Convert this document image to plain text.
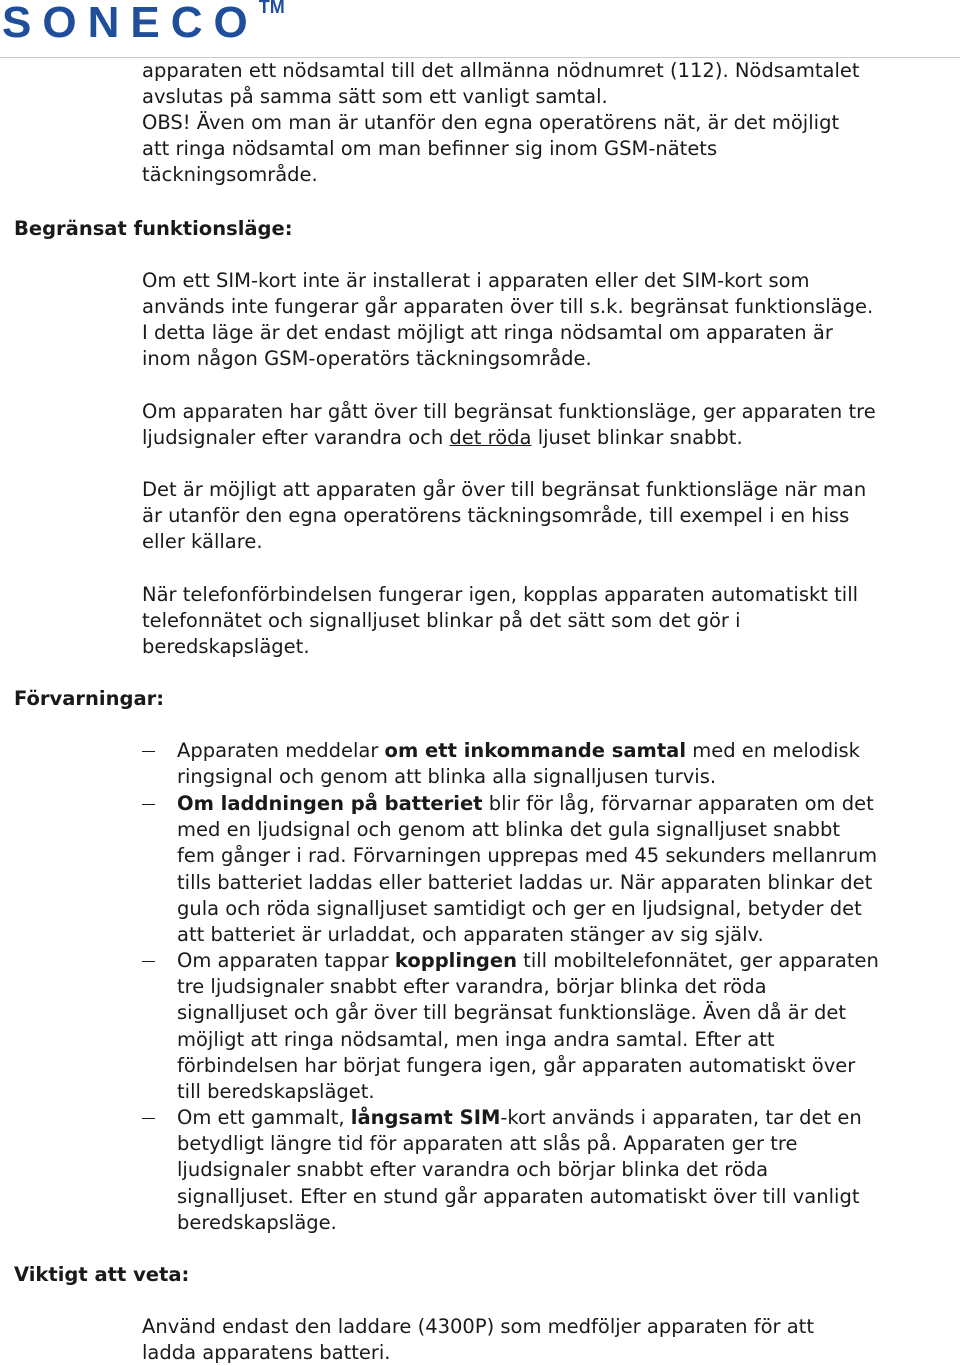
SONECO™
apparaten ett nödsamtal till det allmänna nödnumret (112). Nödsamtalet
avslutas på samma sätt som ett vanligt samtal.
OBS! Även om man är utanför den egna operatörens nät, är det möjligt
att ringa nödsamtal om man befinner sig inom GSM-nätets
täckningsområde.
Begränsat funktionsläge:
Om ett SIM-kort inte är installerat i apparaten eller det SIM-kort som
används inte fungerar går apparaten över till s.k. begränsat funktionsläge.
I detta läge är det endast möjligt att ringa nödsamtal om apparaten är
inom någon GSM-operatörs täckningsområde.
Om apparaten har gått över till begränsat funktionsläge, ger apparaten tre
ljudsignaler efter varandra och det röda ljuset blinkar snabbt.
Det är möjligt att apparaten går över till begränsat funktionsläge när man
är utanför den egna operatörens täckningsområde, till exempel i en hiss
eller källare.
När telefonförbindelsen fungerar igen, kopplas apparaten automatiskt till
telefonnätet och signalljuset blinkar på det sätt som det gör i
beredskapsläget.
Förvarningar:
Apparaten meddelar om ett inkommande samtal med en melodisk
ringsignal och genom att blinka alla signalljusen turvis.
Om laddningen på batteriet blir för låg, förvarnar apparaten om det
med en ljudsignal och genom att blinka det gula signalljuset snabbt
fem gånger i rad. Förvarningen upprepas med 45 sekunders mellanrum
tills batteriet laddas eller batteriet laddas ur. När apparaten blinkar det
gula och röda signalljuset samtidigt och ger en ljudsignal, betyder det
att batteriet är urladdat, och apparaten stänger av sig själv.
Om apparaten tappar kopplingen till mobiltelefonnätet, ger apparaten
tre ljudsignaler snabbt efter varandra, börjar blinka det röda
signalljuset och går över till begränsat funktionsläge. Även då är det
möjligt att ringa nödsamtal, men inga andra samtal. Efter att
förbindelsen har börjat fungera igen, går apparaten automatiskt över
till beredskapsläget.
Om ett gammalt, långsamt SIM-kort används i apparaten, tar det en
betydligt längre tid för apparaten att slås på. Apparaten ger tre
ljudsignaler snabbt efter varandra och börjar blinka det röda
signalljuset. Efter en stund går apparaten automatiskt över till vanligt
beredskapsläge.
Viktigt att veta:
Använd endast den laddare (4300P) som medföljer apparaten för att
ladda apparatens batteri.
